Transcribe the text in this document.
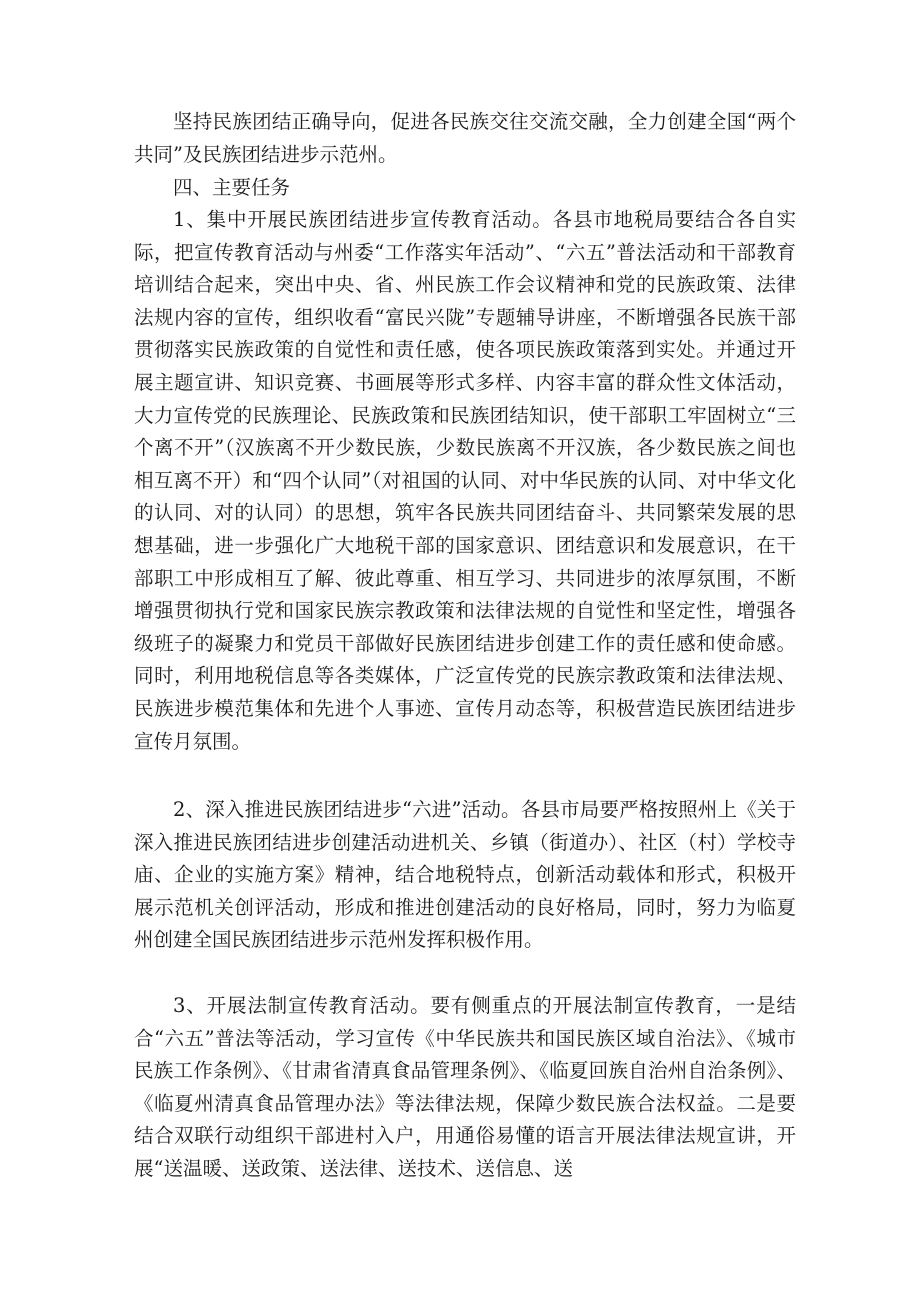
坚持民族团结正确导向，促进各民族交往交流交融，全力创建全国“两个共同”及民族团结进步示范州。

四、主要任务

1、集中开展民族团结进步宣传教育活动。各县市地税局要结合各自实际，把宣传教育活动与州委“工作落实年活动”、“六五”普法活动和干部教育培训结合起来，突出中央、省、州民族工作会议精神和党的民族政策、法律法规内容的宣传，组织收看“富民兴陇”专题辅导讲座，不断增强各民族干部贯彻落实民族政策的自觉性和责任感，使各项民族政策落到实处。并通过开展主题宣讲、知识竞赛、书画展等形式多样、内容丰富的群众性文体活动，大力宣传党的民族理论、民族政策和民族团结知识，使干部职工牢固树立“三个离不开”（汉族离不开少数民族，少数民族离不开汉族，各少数民族之间也相互离不开）和“四个认同”（对祖国的认同、对中华民族的认同、对中华文化的认同、对的认同）的思想，筑牢各民族共同团结奋斗、共同繁荣发展的思想基础，进一步强化广大地税干部的国家意识、团结意识和发展意识，在干部职工中形成相互了解、彼此尊重、相互学习、共同进步的浓厚氛围，不断增强贯彻执行党和国家民族宗教政策和法律法规的自觉性和坚定性，增强各级班子的凝聚力和党员干部做好民族团结进步创建工作的责任感和使命感。同时，利用地税信息等各类媒体，广泛宣传党的民族宗教政策和法律法规、民族进步模范集体和先进个人事迹、宣传月动态等，积极营造民族团结进步宣传月氛围。

2、深入推进民族团结进步“六进”活动。各县市局要严格按照州上《关于深入推进民族团结进步创建活动进机关、乡镇（街道办）、社区（村）学校寺庙、企业的实施方案》精神，结合地税特点，创新活动载体和形式，积极开展示范机关创评活动，形成和推进创建活动的良好格局，同时，努力为临夏州创建全国民族团结进步示范州发挥积极作用。

3、开展法制宣传教育活动。要有侧重点的开展法制宣传教育，一是结合“六五”普法等活动，学习宣传《中华民族共和国民族区域自治法》、《城市民族工作条例》、《甘肃省清真食品管理条例》、《临夏回族自治州自治条例》、《临夏州清真食品管理办法》等法律法规，保障少数民族合法权益。二是要结合双联行动组织干部进村入户，用通俗易懂的语言开展法律法规宣讲，开展“送温暖、送政策、送法律、送技术、送信息、送
